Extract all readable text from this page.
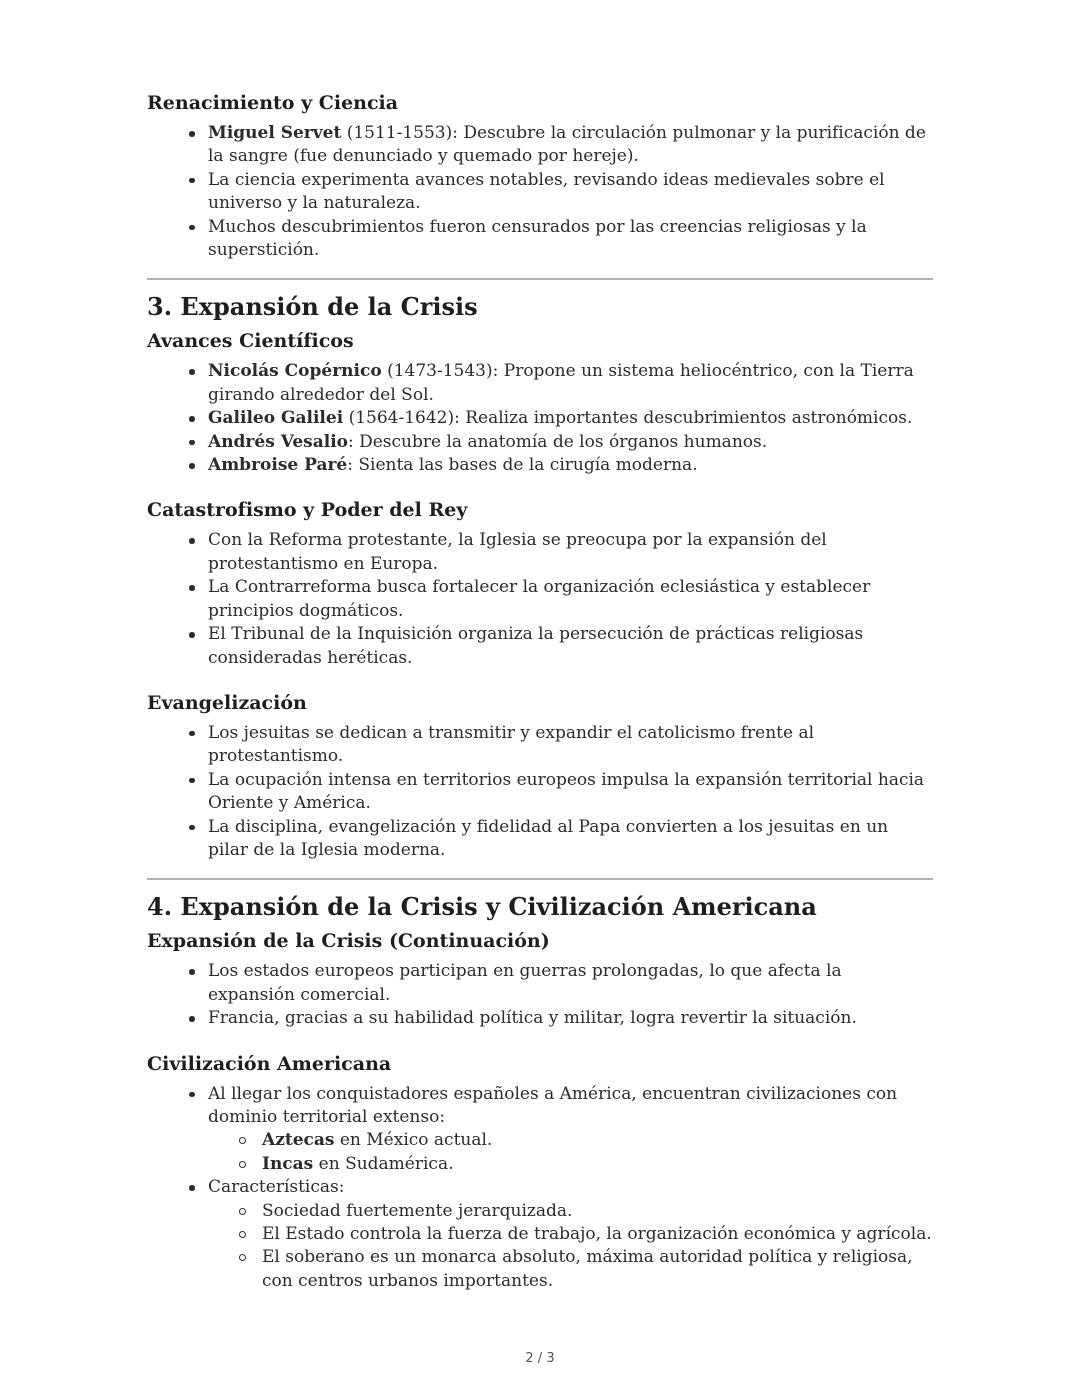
Renacimiento y Ciencia
Miguel Servet (1511-1553): Descubre la circulación pulmonar y la purificación de la sangre (fue denunciado y quemado por hereje).
La ciencia experimenta avances notables, revisando ideas medievales sobre el universo y la naturaleza.
Muchos descubrimientos fueron censurados por las creencias religiosas y la superstición.
3. Expansión de la Crisis
Avances Científicos
Nicolás Copérnico (1473-1543): Propone un sistema heliocéntrico, con la Tierra girando alrededor del Sol.
Galileo Galilei (1564-1642): Realiza importantes descubrimientos astronómicos.
Andrés Vesalio: Descubre la anatomía de los órganos humanos.
Ambroise Paré: Sienta las bases de la cirugía moderna.
Catastrofismo y Poder del Rey
Con la Reforma protestante, la Iglesia se preocupa por la expansión del protestantismo en Europa.
La Contrarreforma busca fortalecer la organización eclesiástica y establecer principios dogmáticos.
El Tribunal de la Inquisición organiza la persecución de prácticas religiosas consideradas heréticas.
Evangelización
Los jesuitas se dedican a transmitir y expandir el catolicismo frente al protestantismo.
La ocupación intensa en territorios europeos impulsa la expansión territorial hacia Oriente y América.
La disciplina, evangelización y fidelidad al Papa convierten a los jesuitas en un pilar de la Iglesia moderna.
4. Expansión de la Crisis y Civilización Americana
Expansión de la Crisis (Continuación)
Los estados europeos participan en guerras prolongadas, lo que afecta la expansión comercial.
Francia, gracias a su habilidad política y militar, logra revertir la situación.
Civilización Americana
Al llegar los conquistadores españoles a América, encuentran civilizaciones con dominio territorial extenso:
Aztecas en México actual.
Incas en Sudamérica.
Características:
Sociedad fuertemente jerarquizada.
El Estado controla la fuerza de trabajo, la organización económica y agrícola.
El soberano es un monarca absoluto, máxima autoridad política y religiosa, con centros urbanos importantes.
2 / 3
